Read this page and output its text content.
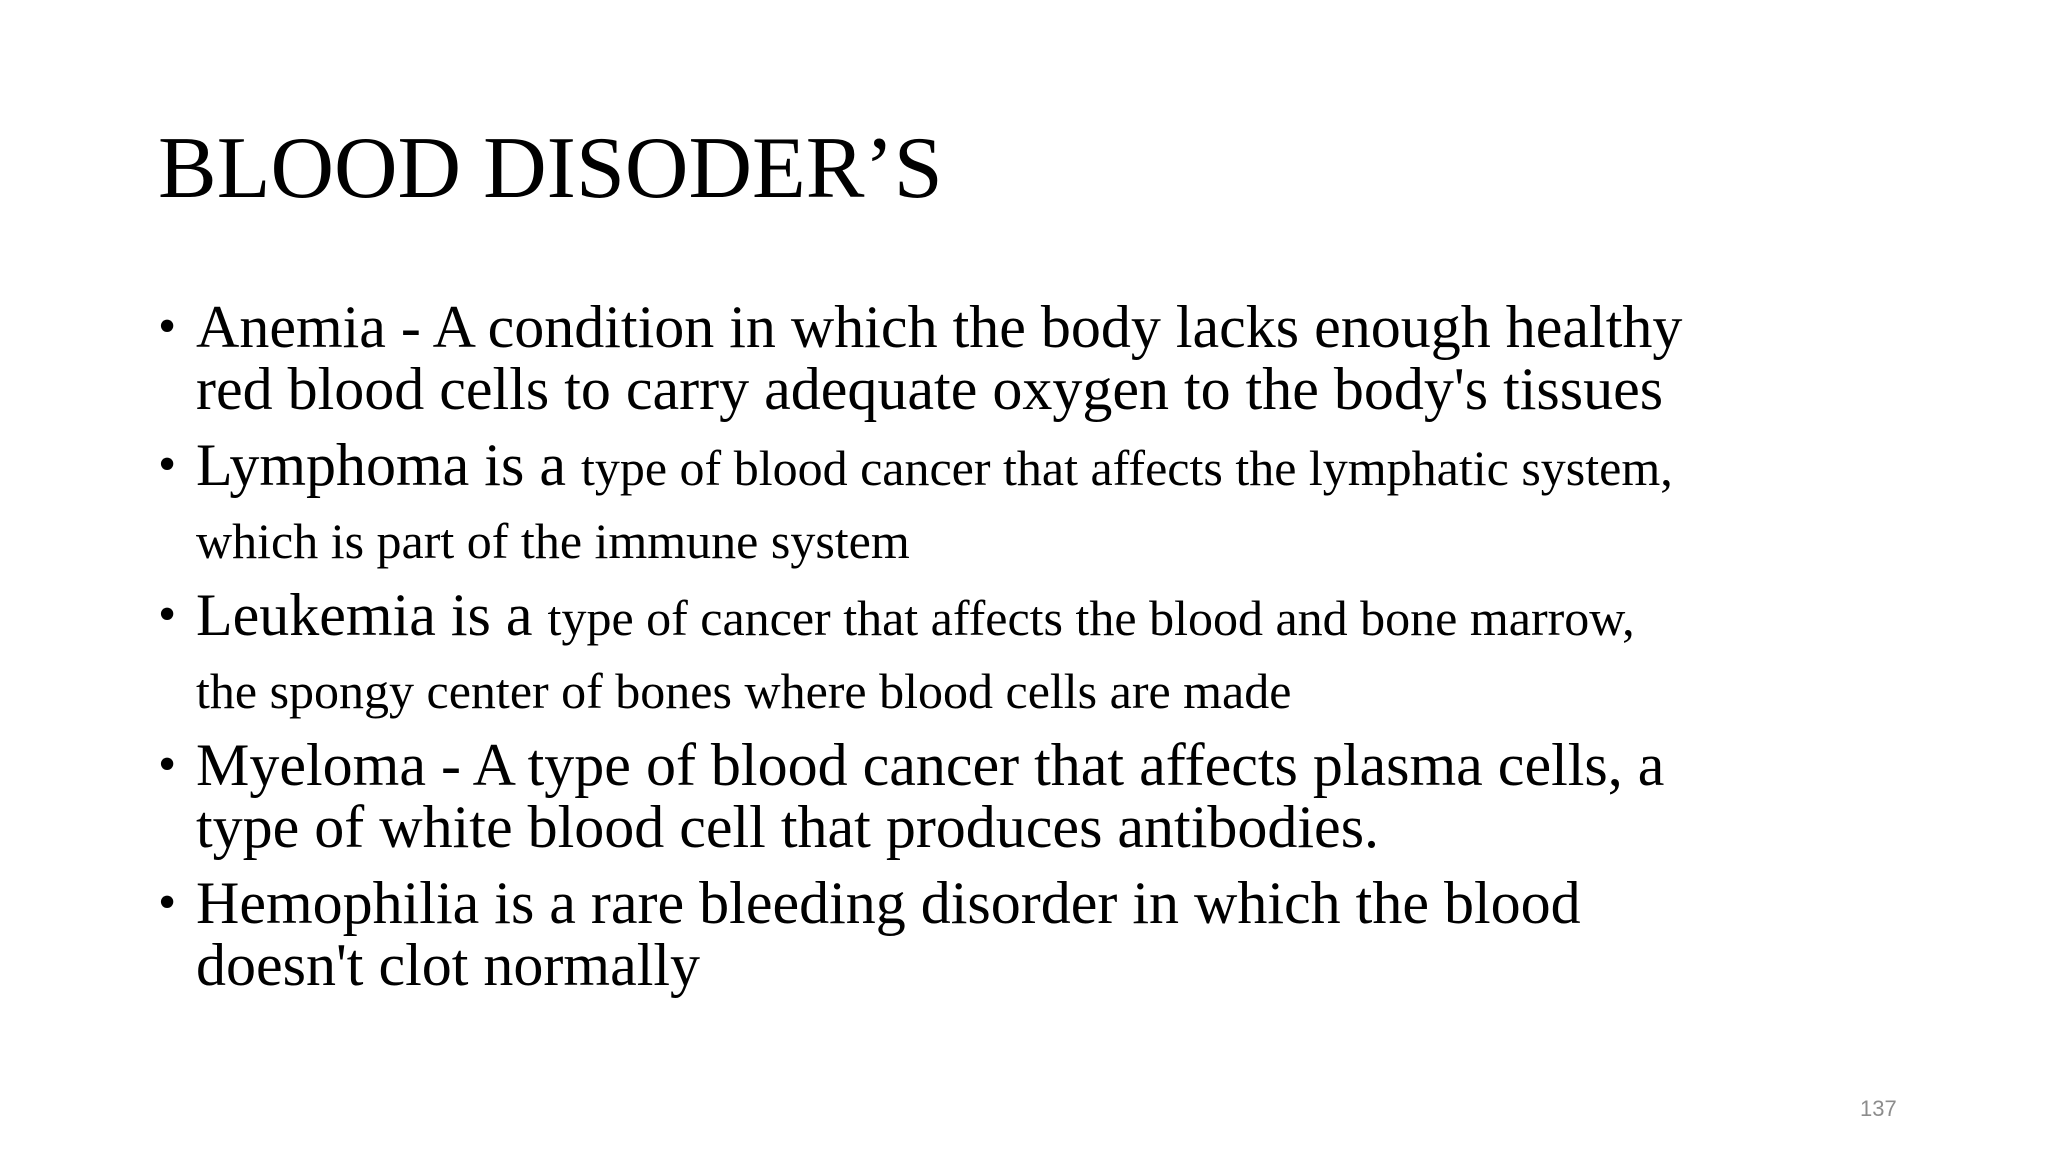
BLOOD DISODER’S
• Anemia - A condition in which the body lacks enough healthy
red blood cells to carry adequate oxygen to the body's tissues
• Lymphoma is a type of blood cancer that affects the lymphatic system,
which is part of the immune system
• Leukemia is a type of cancer that affects the blood and bone marrow,
the spongy center of bones where blood cells are made
• Myeloma - A type of blood cancer that affects plasma cells, a
type of white blood cell that produces antibodies.
• Hemophilia is a rare bleeding disorder in which the blood
doesn't clot normally
137
